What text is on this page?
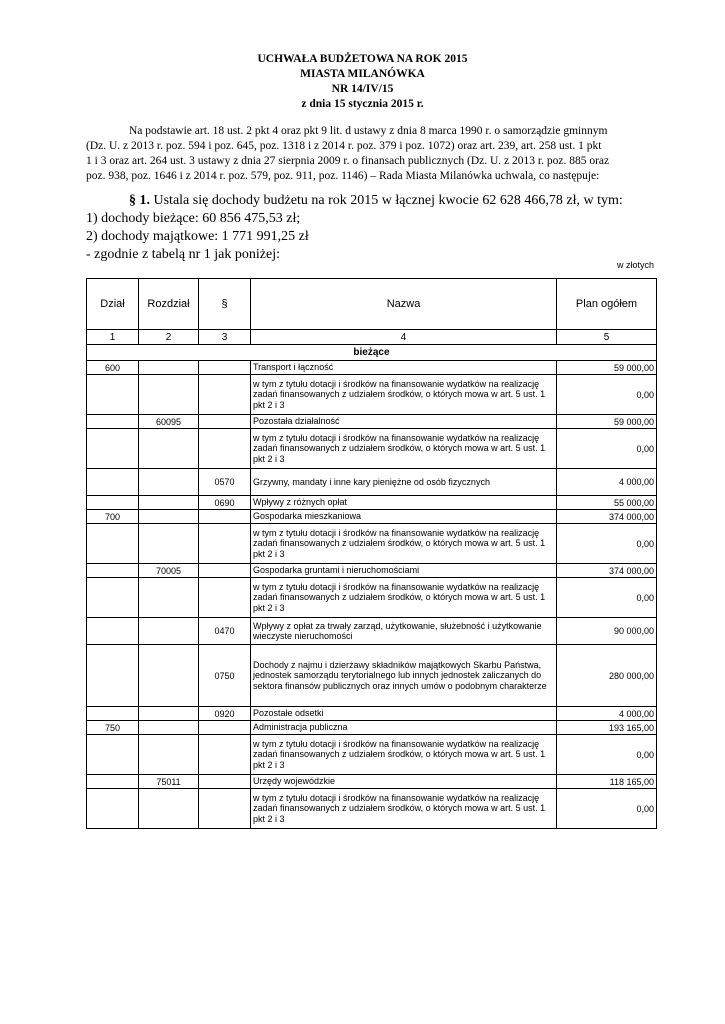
UCHWAŁA BUDŻETOWA NA ROK 2015
MIASTA MILANÓWKA
NR 14/IV/15
z dnia 15 stycznia 2015 r.
Na podstawie art. 18 ust. 2 pkt 4 oraz pkt 9 lit. d ustawy z dnia 8 marca 1990 r. o samorządzie gminnym
(Dz. U. z 2013 r. poz. 594 i poz. 645, poz. 1318 i z 2014 r. poz. 379 i poz. 1072) oraz art. 239, art. 258 ust. 1 pkt
1 i 3 oraz art. 264 ust. 3 ustawy z dnia 27 sierpnia 2009 r. o finansach publicznych (Dz. U. z 2013 r. poz. 885 oraz
poz. 938, poz. 1646 i z 2014 r. poz. 579, poz. 911, poz. 1146) – Rada Miasta Milanówka uchwala, co następuje:
§ 1. Ustala się dochody budżetu na rok 2015 w łącznej kwocie 62 628 466,78 zł, w tym:
1) dochody bieżące: 60 856 475,53 zł;
2) dochody majątkowe: 1 771 991,25 zł
- zgodnie z tabelą nr 1 jak poniżej:
w złotych
Dział	Rozdział	§	Nazwa	Plan ogółem
1	2	3	4	5
bieżące				
600			Transport i łączność	59 000,00
			w tym z tytułu dotacji i środków na finansowanie wydatków na realizację zadań finansowanych z udziałem środków, o których mowa w art. 5 ust. 1 pkt 2 i 3	0,00
	60095		Pozostała działalność	59 000,00
			w tym z tytułu dotacji i środków na finansowanie wydatków na realizację zadań finansowanych z udziałem środków, o których mowa w art. 5 ust. 1 pkt 2 i 3	0,00
		0570	Grzywny, mandaty i inne kary pieniężne od osób fizycznych	4 000,00
		0690	Wpływy z różnych opłat	55 000,00
700			Gospodarka mieszkaniowa	374 000,00
			w tym z tytułu dotacji i środków na finansowanie wydatków na realizację zadań finansowanych z udziałem środków, o których mowa w art. 5 ust. 1 pkt 2 i 3	0,00
	70005		Gospodarka gruntami i nieruchomościami	374 000,00
			w tym z tytułu dotacji i środków na finansowanie wydatków na realizację zadań finansowanych z udziałem środków, o których mowa w art. 5 ust. 1 pkt 2 i 3	0,00
		0470	Wpływy z opłat za trwały zarząd, użytkowanie, służebność i użytkowanie wieczyste nieruchomości	90 000,00
		0750	Dochody z najmu i dzierżawy składników majątkowych Skarbu Państwa, jednostek samorządu terytorialnego lub innych jednostek zaliczanych do sektora finansów publicznych oraz innych umów o podobnym charakterze	280 000,00
		0920	Pozostałe odsetki	4 000,00
750			Administracja publiczna	193 165,00
			w tym z tytułu dotacji i środków na finansowanie wydatków na realizację zadań finansowanych z udziałem środków, o których mowa w art. 5 ust. 1 pkt 2 i 3	0,00
	75011		Urzędy wojewódzkie	118 165,00
			w tym z tytułu dotacji i środków na finansowanie wydatków na realizację zadań finansowanych z udziałem środków, o których mowa w art. 5 ust. 1 pkt 2 i 3	0,00
